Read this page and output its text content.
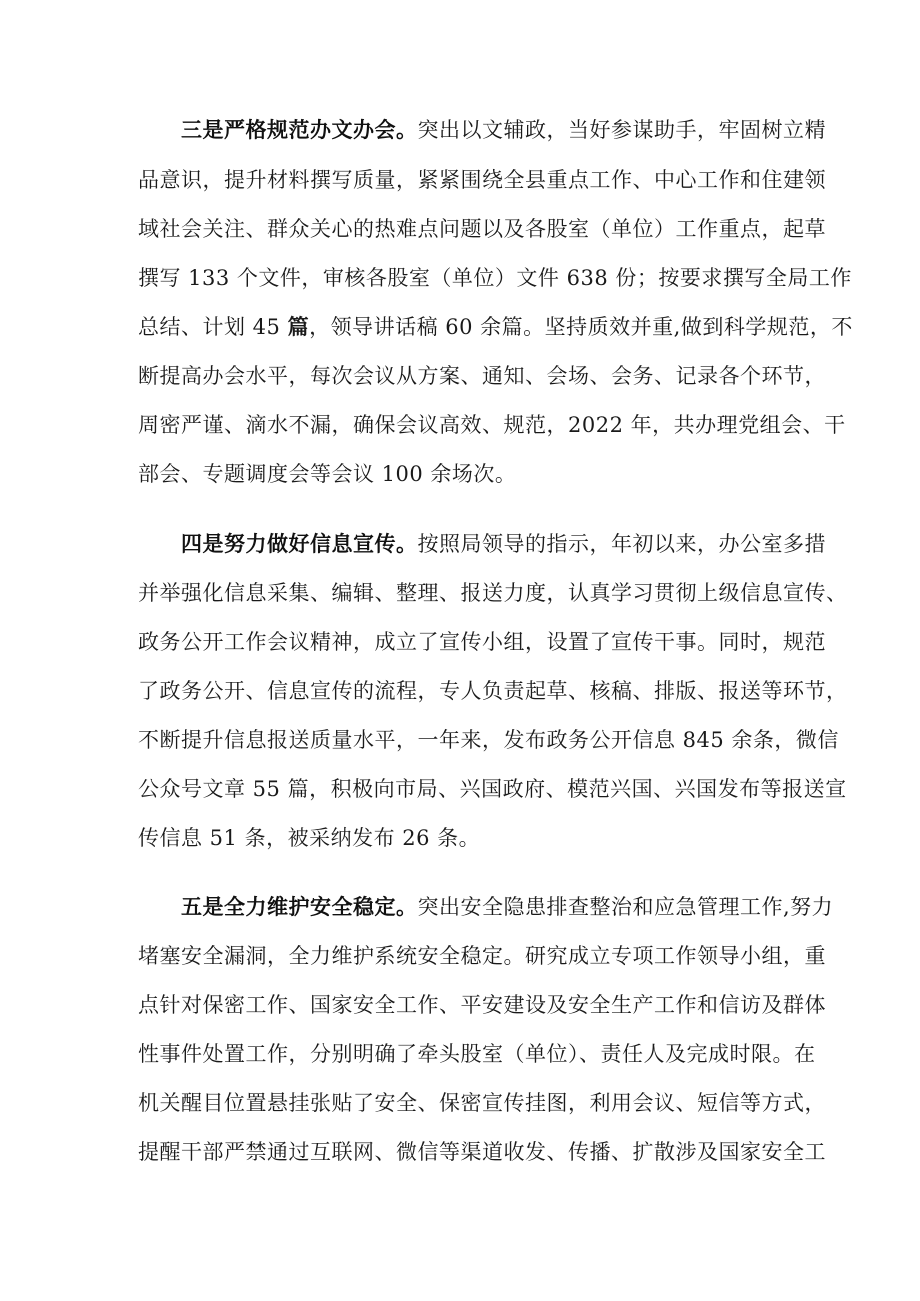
三是严格规范办文办会。突出以文辅政，当好参谋助手，牢固树立精
品意识，提升材料撰写质量，紧紧围绕全县重点工作、中心工作和住建领
域社会关注、群众关心的热难点问题以及各股室（单位）工作重点，起草
撰写 133 个文件，审核各股室（单位）文件 638 份；按要求撰写全局工作
总结、计划 45 篇，领导讲话稿 60 余篇。坚持质效并重,做到科学规范，不
断提高办会水平，每次会议从方案、通知、会场、会务、记录各个环节，
周密严谨、滴水不漏，确保会议高效、规范，2022 年，共办理党组会、干
部会、专题调度会等会议 100 余场次。
四是努力做好信息宣传。按照局领导的指示，年初以来，办公室多措
并举强化信息采集、编辑、整理、报送力度，认真学习贯彻上级信息宣传、
政务公开工作会议精神，成立了宣传小组，设置了宣传干事。同时，规范
了政务公开、信息宣传的流程，专人负责起草、核稿、排版、报送等环节，
不断提升信息报送质量水平，一年来，发布政务公开信息 845 余条，微信
公众号文章 55 篇，积极向市局、兴国政府、模范兴国、兴国发布等报送宣
传信息 51 条，被采纳发布 26 条。
五是全力维护安全稳定。突出安全隐患排查整治和应急管理工作,努力
堵塞安全漏洞，全力维护系统安全稳定。研究成立专项工作领导小组，重
点针对保密工作、国家安全工作、平安建设及安全生产工作和信访及群体
性事件处置工作，分别明确了牵头股室（单位）、责任人及完成时限。在
机关醒目位置悬挂张贴了安全、保密宣传挂图，利用会议、短信等方式，
提醒干部严禁通过互联网、微信等渠道收发、传播、扩散涉及国家安全工
